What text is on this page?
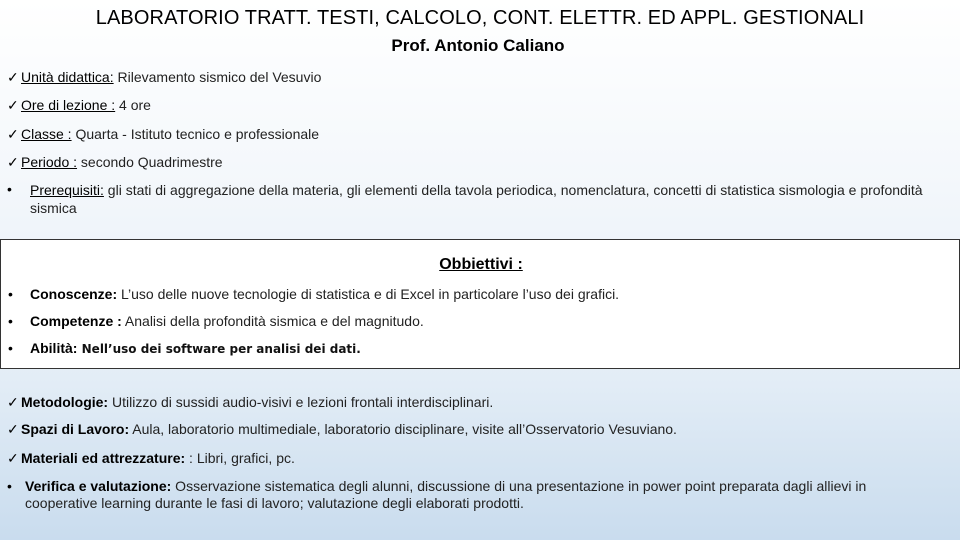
LABORATORIO TRATT. TESTI, CALCOLO, CONT. ELETTR. ED APPL. GESTIONALI
Prof. Antonio Caliano
✓ Unità didattica: Rilevamento sismico del Vesuvio
✓ Ore di lezione : 4 ore
✓ Classe : Quarta - Istituto tecnico e professionale
✓ Periodo : secondo Quadrimestre
•	Prerequisiti: gli stati di aggregazione della materia, gli elementi della tavola periodica, nomenclatura, concetti di statistica sismologia e profondità sismica
Obbiettivi :
• Conoscenze: L’uso delle nuove tecnologie di statistica e di Excel in particolare l’uso dei grafici.
• Competenze : Analisi della profondità sismica e del magnitudo.
• Abilità: Nell’uso dei software per analisi dei dati.
✓ Metodologie: Utilizzo di sussidi audio-visivi e lezioni frontali interdisciplinari.
✓ Spazi di Lavoro: Aula, laboratorio multimediale, laboratorio disciplinare, visite all’Osservatorio Vesuviano.
✓ Materiali ed attrezzature: : Libri, grafici, pc.
• Verifica e valutazione: Osservazione sistematica degli alunni, discussione di una presentazione in power point preparata dagli allievi in cooperative learning durante le fasi di lavoro; valutazione degli elaborati prodotti.
